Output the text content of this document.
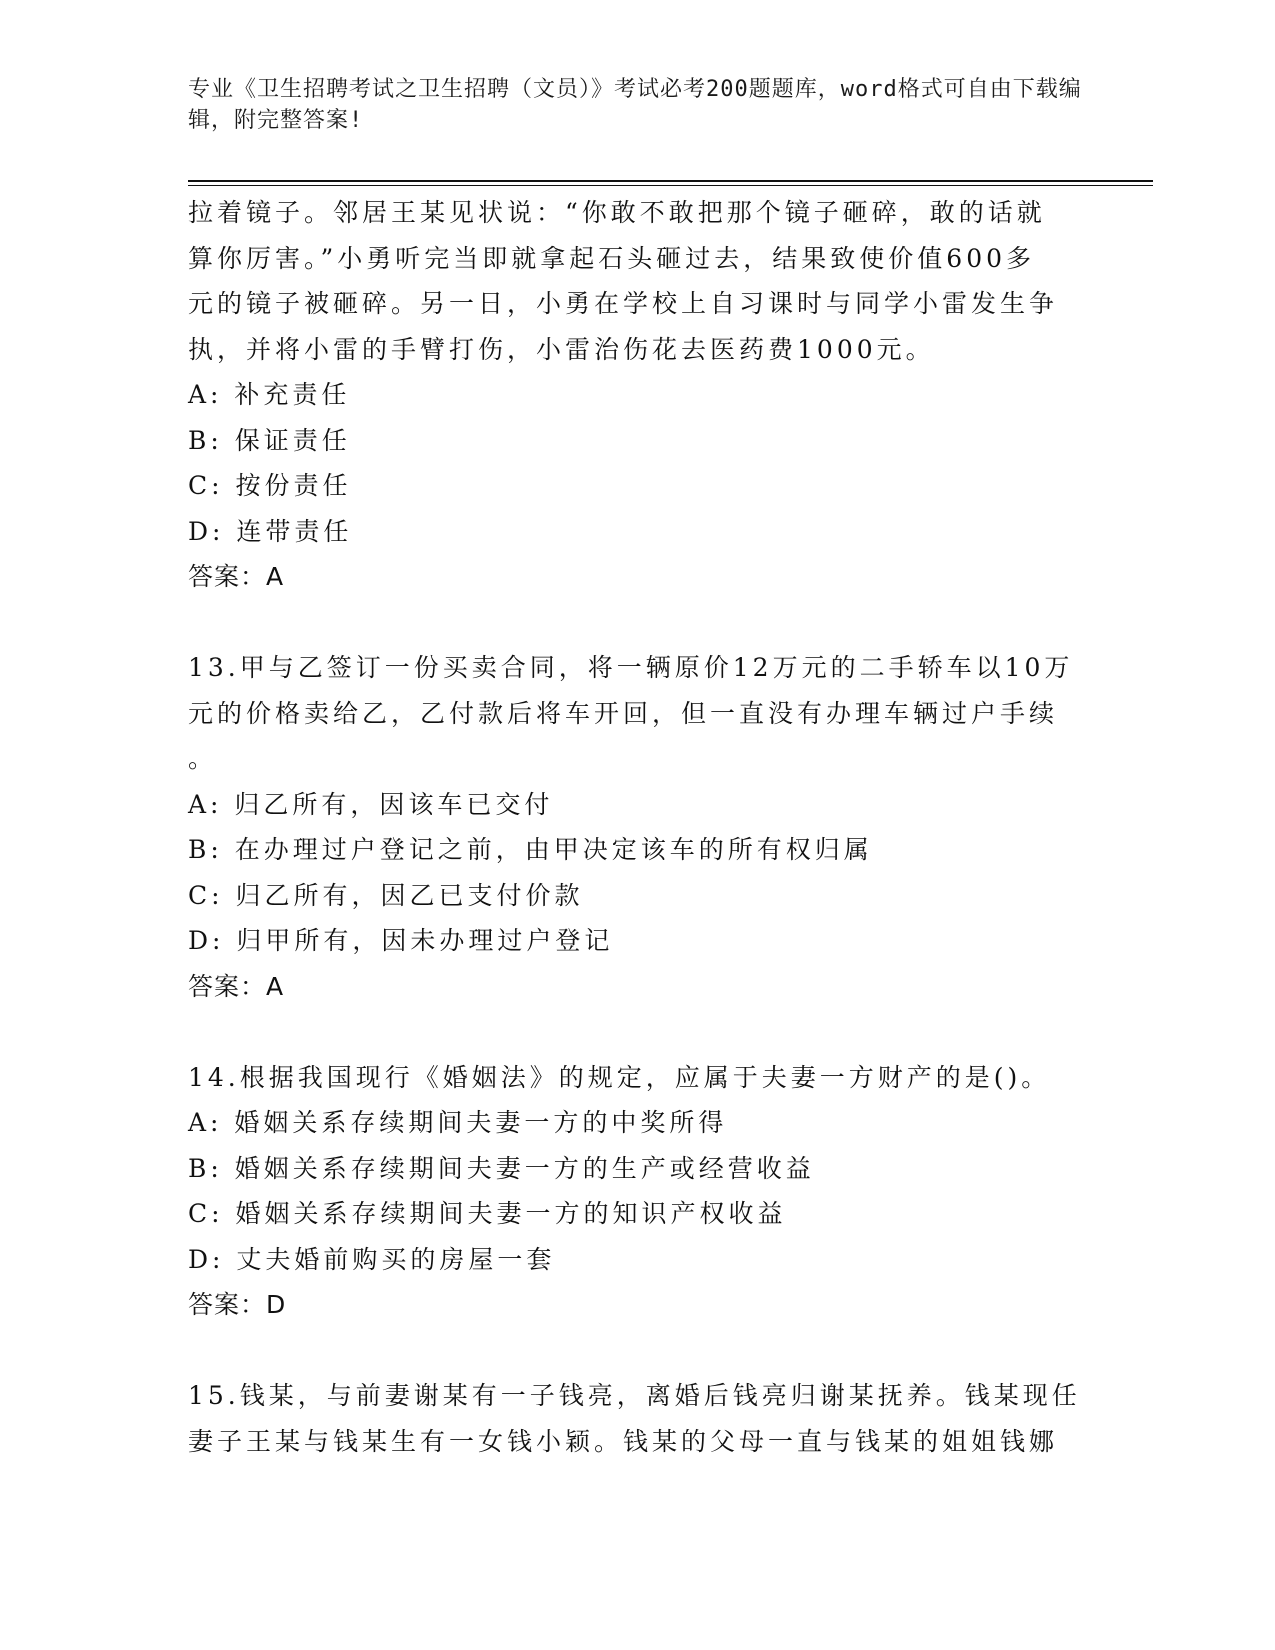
专业《卫生招聘考试之卫生招聘（文员）》考试必考200题题库，word格式可自由下载编辑，附完整答案!

拉着镜子。邻居王某见状说：“你敢不敢把那个镜子砸碎，敢的话就

算你厉害。”小勇听完当即就拿起石头砸过去，结果致使价值600多

元的镜子被砸碎。另一日，小勇在学校上自习课时与同学小雷发生争

执，并将小雷的手臂打伤，小雷治伤花去医药费1000元。

A: 补充责任

B: 保证责任

C: 按份责任

D: 连带责任

答案：A

13.甲与乙签订一份买卖合同，将一辆原价12万元的二手轿车以10万

元的价格卖给乙，乙付款后将车开回，但一直没有办理车辆过户手续

。

A: 归乙所有，因该车已交付

B: 在办理过户登记之前，由甲决定该车的所有权归属

C: 归乙所有，因乙已支付价款

D: 归甲所有，因未办理过户登记

答案：A

14.根据我国现行《婚姻法》的规定，应属于夫妻一方财产的是()。

A: 婚姻关系存续期间夫妻一方的中奖所得

B: 婚姻关系存续期间夫妻一方的生产或经营收益

C: 婚姻关系存续期间夫妻一方的知识产权收益

D: 丈夫婚前购买的房屋一套

答案：D

15.钱某，与前妻谢某有一子钱亮，离婚后钱亮归谢某抚养。钱某现任

妻子王某与钱某生有一女钱小颖。钱某的父母一直与钱某的姐姐钱娜
